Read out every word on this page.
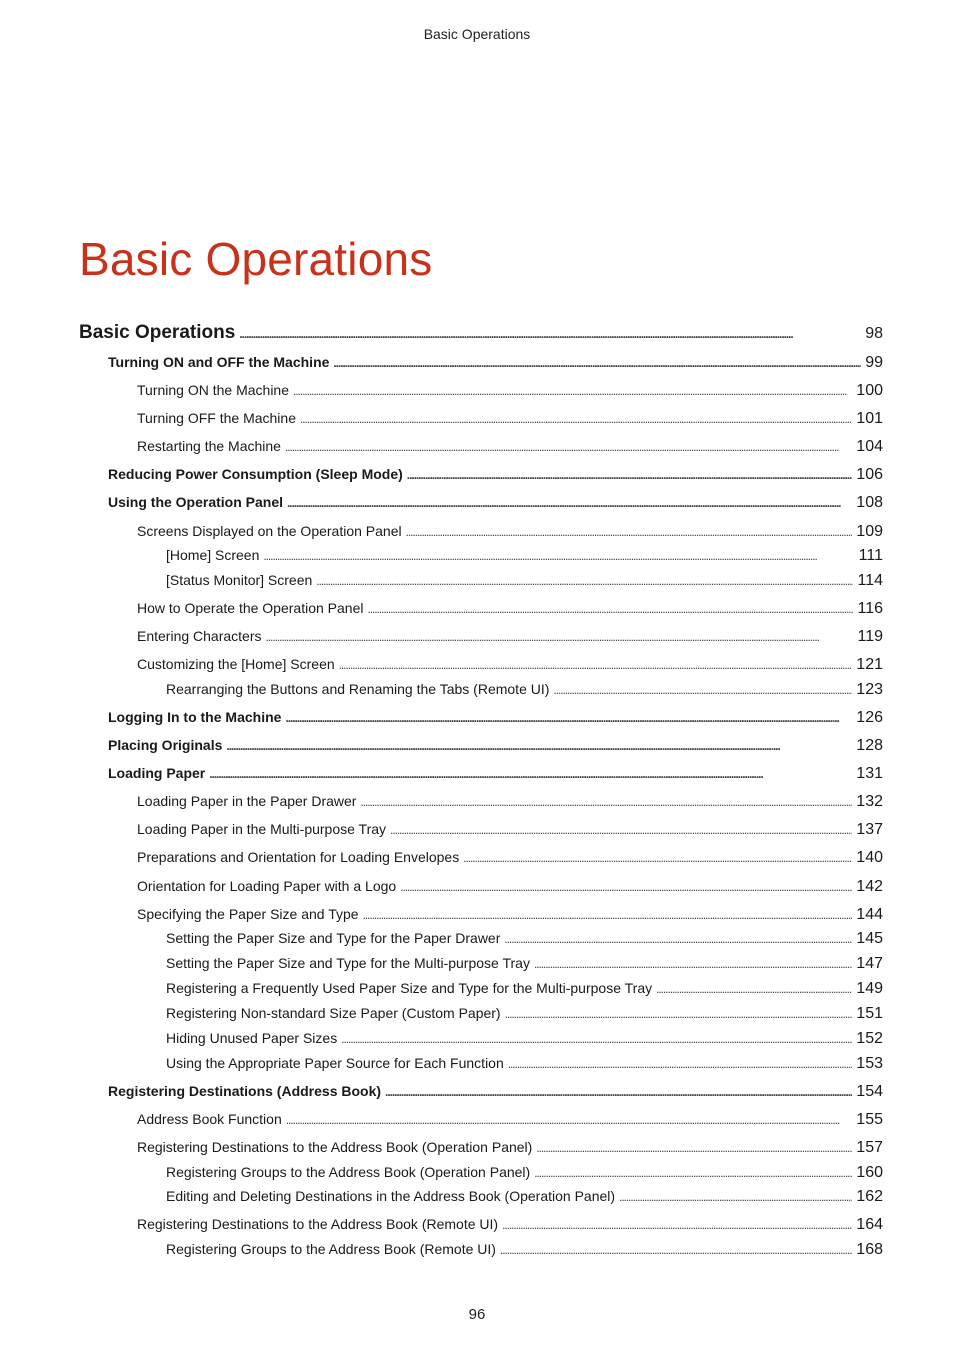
Basic Operations
Basic Operations
Basic Operations . . .	98
Turning ON and OFF the Machine . . .	99
Turning ON the Machine . . .	100
Turning OFF the Machine . . .	101
Restarting the Machine . . .	104
Reducing Power Consumption (Sleep Mode) . . .	106
Using the Operation Panel . . .	108
Screens Displayed on the Operation Panel . . .	109
[Home] Screen . . .	111
[Status Monitor] Screen . . .	114
How to Operate the Operation Panel . . .	116
Entering Characters . . .	119
Customizing the [Home] Screen . . .	121
Rearranging the Buttons and Renaming the Tabs (Remote UI) . . .	123
Logging In to the Machine . . .	126
Placing Originals . . .	128
Loading Paper . . .	131
Loading Paper in the Paper Drawer . . .	132
Loading Paper in the Multi-purpose Tray . . .	137
Preparations and Orientation for Loading Envelopes . . .	140
Orientation for Loading Paper with a Logo . . .	142
Specifying the Paper Size and Type . . .	144
Setting the Paper Size and Type for the Paper Drawer . . .	145
Setting the Paper Size and Type for the Multi-purpose Tray . . .	147
Registering a Frequently Used Paper Size and Type for the Multi-purpose Tray . . .	149
Registering Non-standard Size Paper (Custom Paper) . . .	151
Hiding Unused Paper Sizes . . .	152
Using the Appropriate Paper Source for Each Function . . .	153
Registering Destinations (Address Book) . . .	154
Address Book Function . . .	155
Registering Destinations to the Address Book (Operation Panel) . . .	157
Registering Groups to the Address Book (Operation Panel) . . .	160
Editing and Deleting Destinations in the Address Book (Operation Panel) . . .	162
Registering Destinations to the Address Book (Remote UI) . . .	164
Registering Groups to the Address Book (Remote UI) . . .	168
96
